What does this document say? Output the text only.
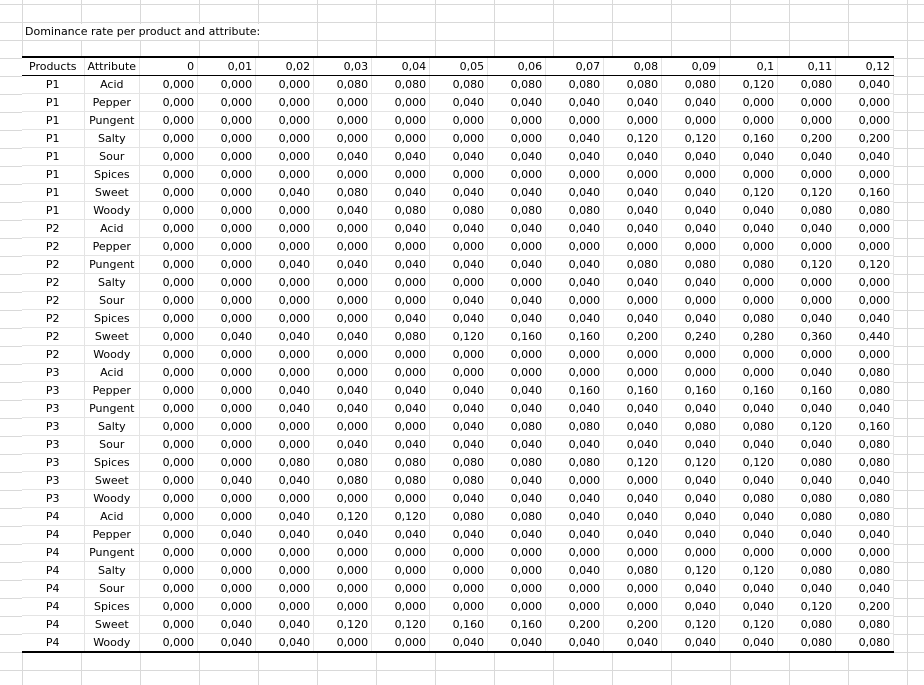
Dominance rate per product and attribute:
Products	Attribute	0	0,01	0,02	0,03	0,04	0,05	0,06	0,07	0,08	0,09	0,1	0,11	0,12
P1	Acid	0,000	0,000	0,000	0,080	0,080	0,080	0,080	0,080	0,080	0,080	0,120	0,080	0,040
P1	Pepper	0,000	0,000	0,000	0,000	0,000	0,040	0,040	0,040	0,040	0,040	0,000	0,000	0,000
P1	Pungent	0,000	0,000	0,000	0,000	0,000	0,000	0,000	0,000	0,000	0,000	0,000	0,000	0,000
P1	Salty	0,000	0,000	0,000	0,000	0,000	0,000	0,000	0,040	0,120	0,120	0,160	0,200	0,200
P1	Sour	0,000	0,000	0,000	0,040	0,040	0,040	0,040	0,040	0,040	0,040	0,040	0,040	0,040
P1	Spices	0,000	0,000	0,000	0,000	0,000	0,000	0,000	0,000	0,000	0,000	0,000	0,000	0,000
P1	Sweet	0,000	0,000	0,040	0,080	0,040	0,040	0,040	0,040	0,040	0,040	0,120	0,120	0,160
P1	Woody	0,000	0,000	0,000	0,040	0,080	0,080	0,080	0,080	0,040	0,040	0,040	0,080	0,080
P2	Acid	0,000	0,000	0,000	0,000	0,040	0,040	0,040	0,040	0,040	0,040	0,040	0,040	0,000
P2	Pepper	0,000	0,000	0,000	0,000	0,000	0,000	0,000	0,000	0,000	0,000	0,000	0,000	0,000
P2	Pungent	0,000	0,000	0,040	0,040	0,040	0,040	0,040	0,040	0,080	0,080	0,080	0,120	0,120
P2	Salty	0,000	0,000	0,000	0,000	0,000	0,000	0,000	0,040	0,040	0,040	0,000	0,000	0,000
P2	Sour	0,000	0,000	0,000	0,000	0,000	0,040	0,040	0,000	0,000	0,000	0,000	0,000	0,000
P2	Spices	0,000	0,000	0,000	0,000	0,040	0,040	0,040	0,040	0,040	0,040	0,080	0,040	0,040
P2	Sweet	0,000	0,040	0,040	0,040	0,080	0,120	0,160	0,160	0,200	0,240	0,280	0,360	0,440
P2	Woody	0,000	0,000	0,000	0,000	0,000	0,000	0,000	0,000	0,000	0,000	0,000	0,000	0,000
P3	Acid	0,000	0,000	0,000	0,000	0,000	0,000	0,000	0,000	0,000	0,000	0,000	0,040	0,080
P3	Pepper	0,000	0,000	0,040	0,040	0,040	0,040	0,040	0,160	0,160	0,160	0,160	0,160	0,080
P3	Pungent	0,000	0,000	0,040	0,040	0,040	0,040	0,040	0,040	0,040	0,040	0,040	0,040	0,040
P3	Salty	0,000	0,000	0,000	0,000	0,000	0,040	0,080	0,080	0,040	0,080	0,080	0,120	0,160
P3	Sour	0,000	0,000	0,000	0,040	0,040	0,040	0,040	0,040	0,040	0,040	0,040	0,040	0,080
P3	Spices	0,000	0,000	0,080	0,080	0,080	0,080	0,080	0,080	0,120	0,120	0,120	0,080	0,080
P3	Sweet	0,000	0,040	0,040	0,080	0,080	0,080	0,040	0,000	0,000	0,040	0,040	0,040	0,040
P3	Woody	0,000	0,000	0,000	0,000	0,000	0,040	0,040	0,040	0,040	0,040	0,080	0,080	0,080
P4	Acid	0,000	0,000	0,040	0,120	0,120	0,080	0,080	0,040	0,040	0,040	0,040	0,080	0,080
P4	Pepper	0,000	0,040	0,040	0,040	0,040	0,040	0,040	0,040	0,040	0,040	0,040	0,040	0,040
P4	Pungent	0,000	0,000	0,000	0,000	0,000	0,000	0,000	0,000	0,000	0,000	0,000	0,000	0,000
P4	Salty	0,000	0,000	0,000	0,000	0,000	0,000	0,000	0,040	0,080	0,120	0,120	0,080	0,080
P4	Sour	0,000	0,000	0,000	0,000	0,000	0,000	0,000	0,000	0,000	0,040	0,040	0,040	0,040
P4	Spices	0,000	0,000	0,000	0,000	0,000	0,000	0,000	0,000	0,000	0,040	0,040	0,120	0,200
P4	Sweet	0,000	0,040	0,040	0,120	0,120	0,160	0,160	0,200	0,200	0,120	0,120	0,080	0,080
P4	Woody	0,000	0,040	0,040	0,000	0,000	0,040	0,040	0,040	0,040	0,040	0,040	0,080	0,080
